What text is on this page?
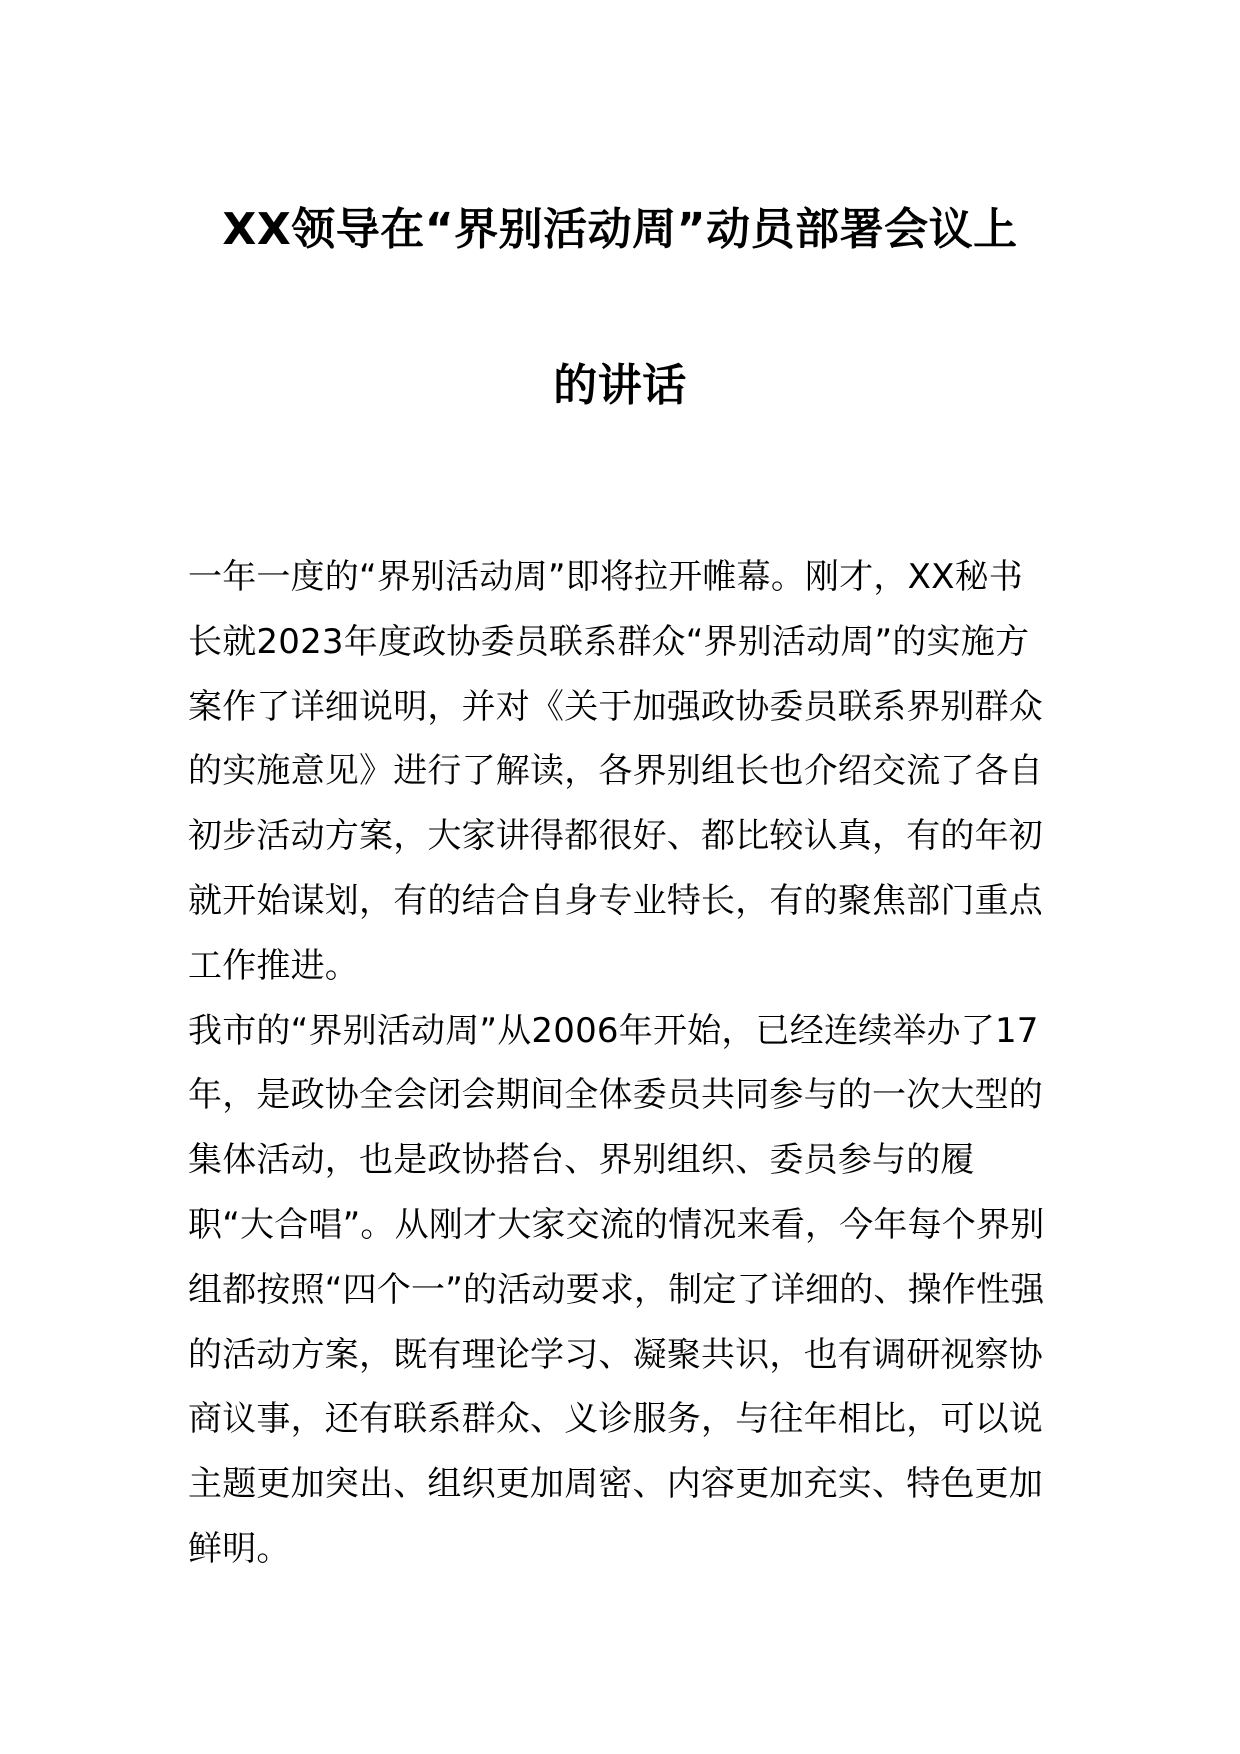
XX领导在“界别活动周”动员部署会议上
的讲话

一年一度的“界别活动周”即将拉开帷幕。刚才，XX秘书长就2023年度政协委员联系群众“界别活动周”的实施方案作了详细说明，并对《关于加强政协委员联系界别群众的实施意见》进行了解读，各界别组长也介绍交流了各自初步活动方案，大家讲得都很好、都比较认真，有的年初就开始谋划，有的结合自身专业特长，有的聚焦部门重点工作推进。

我市的“界别活动周”从2006年开始，已经连续举办了17年，是政协全会闭会期间全体委员共同参与的一次大型的集体活动，也是政协搭台、界别组织、委员参与的履职“大合唱”。从刚才大家交流的情况来看，今年每个界别组都按照“四个一”的活动要求，制定了详细的、操作性强的活动方案，既有理论学习、凝聚共识，也有调研视察协商议事，还有联系群众、义诊服务，与往年相比，可以说主题更加突出、组织更加周密、内容更加充实、特色更加鲜明。
